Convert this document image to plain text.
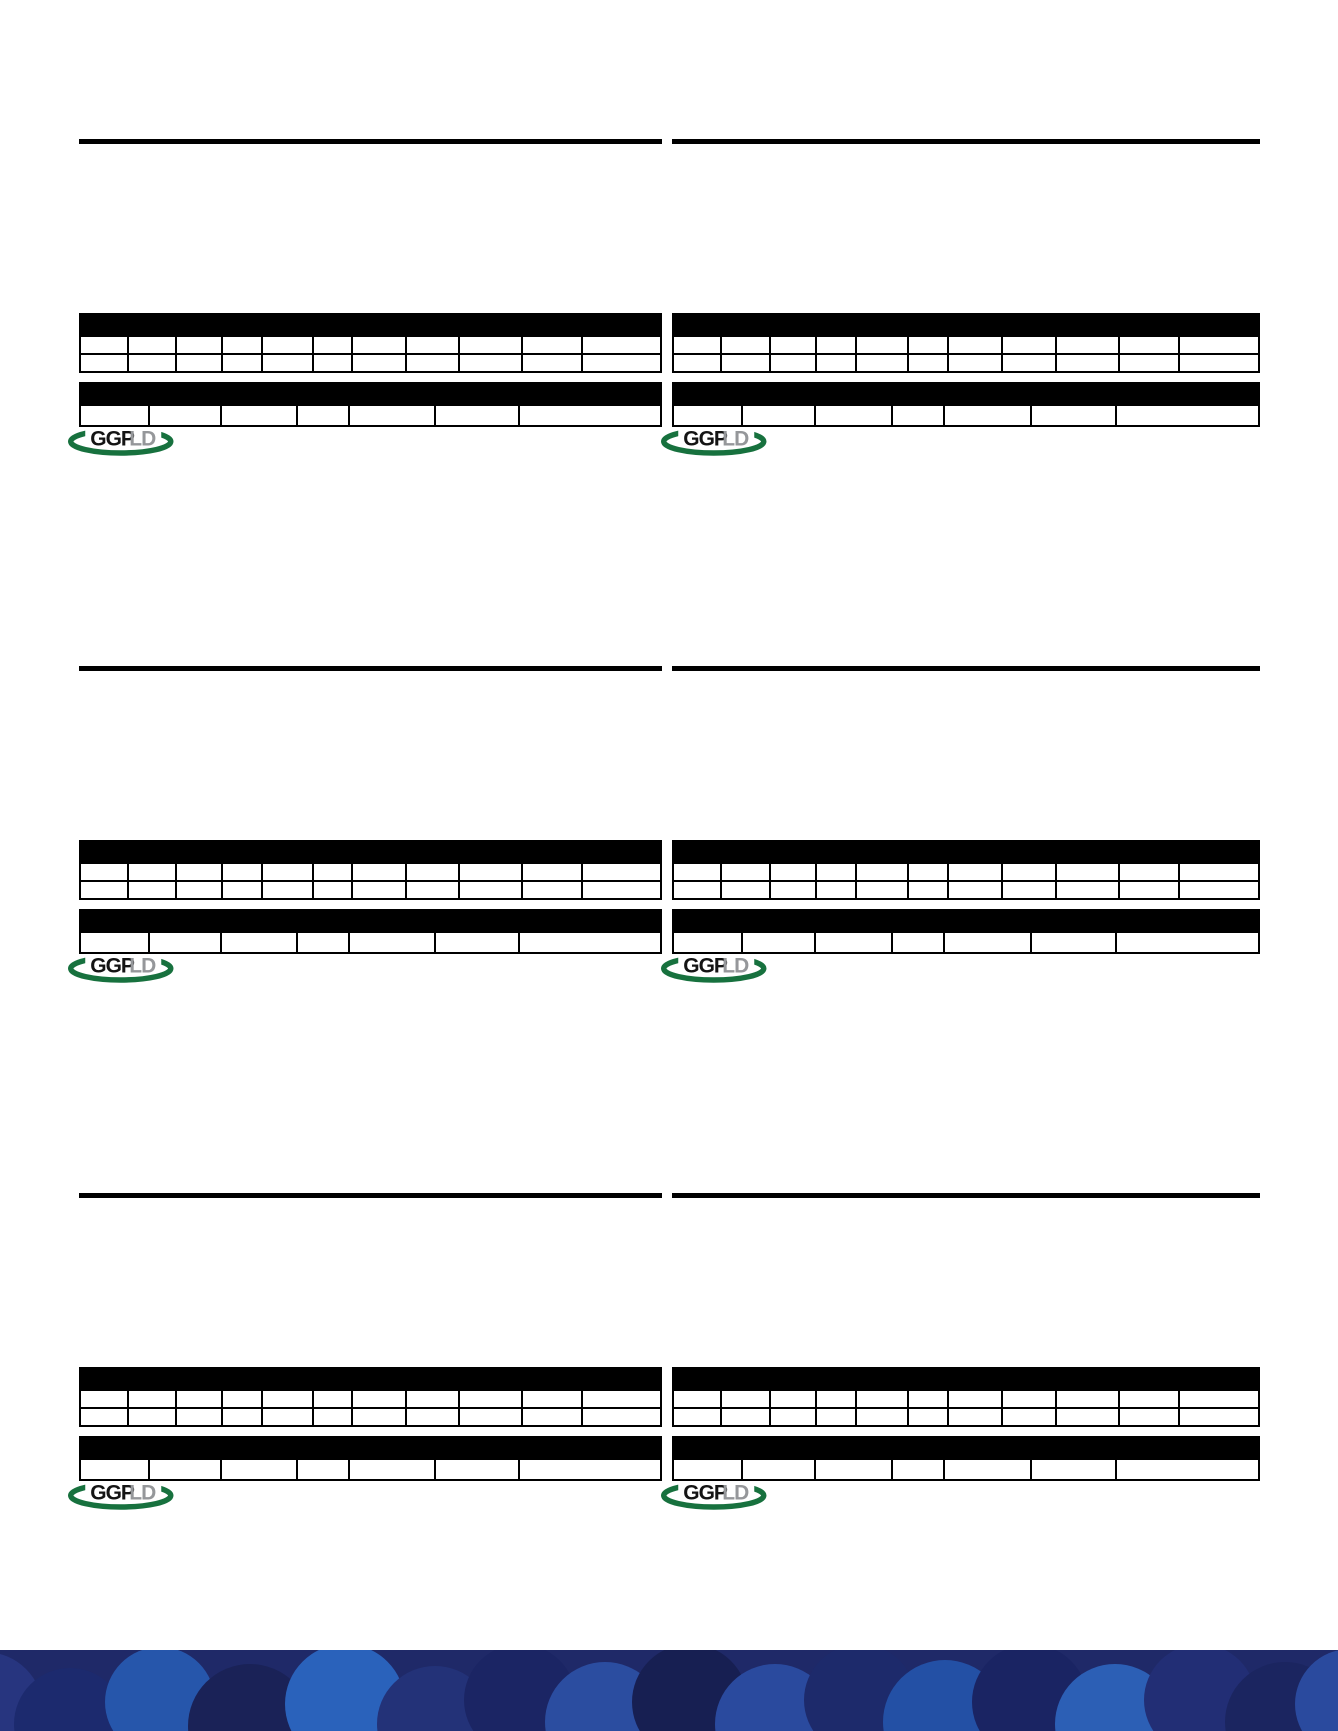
GGP
LD

							GGP
LD

GGP
LD

							GGP
LD

GGP
LD

							GGP
LD
